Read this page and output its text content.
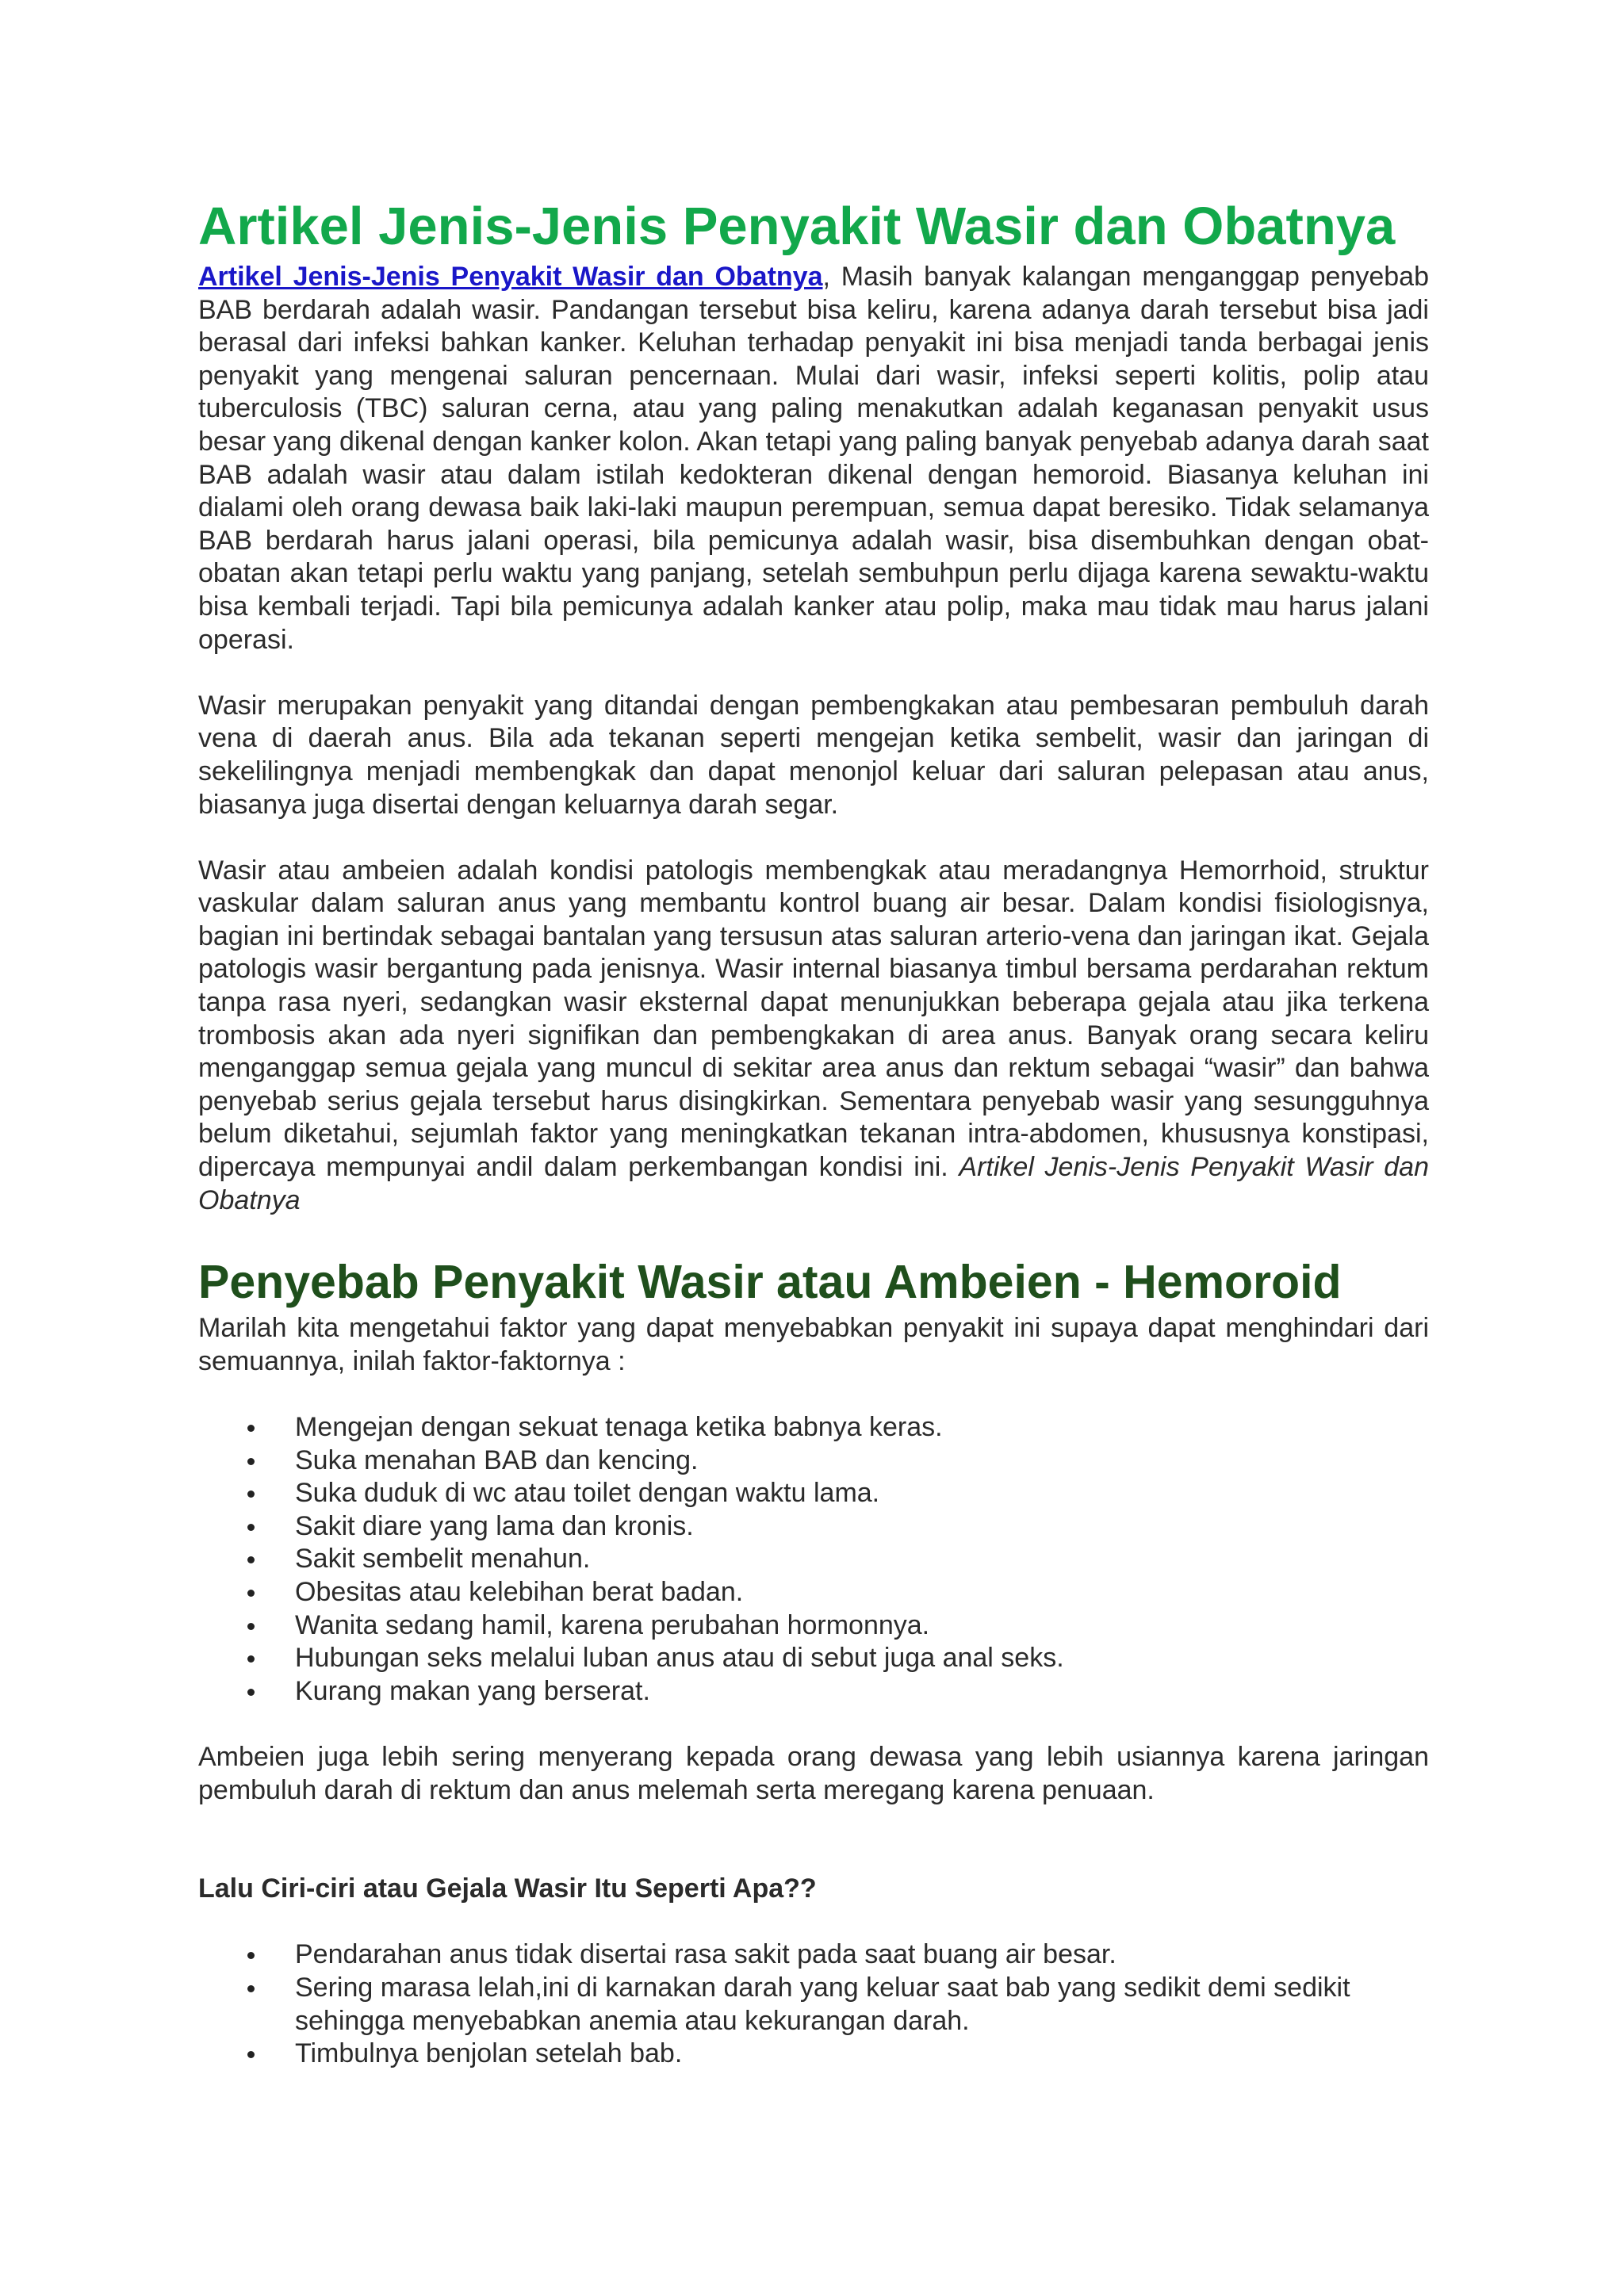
Artikel Jenis-Jenis Penyakit Wasir dan Obatnya

Artikel Jenis-Jenis Penyakit Wasir dan Obatnya, Masih banyak kalangan menganggap penyebab BAB berdarah adalah wasir. Pandangan tersebut bisa keliru, karena adanya darah tersebut bisa jadi berasal dari infeksi bahkan kanker. Keluhan terhadap penyakit ini bisa menjadi tanda berbagai jenis penyakit yang mengenai saluran pencernaan. Mulai dari wasir, infeksi seperti kolitis, polip atau tuberculosis (TBC) saluran cerna, atau yang paling menakutkan adalah keganasan penyakit usus besar yang dikenal dengan kanker kolon. Akan tetapi yang paling banyak penyebab adanya darah saat BAB adalah wasir atau dalam istilah kedokteran dikenal dengan hemoroid. Biasanya keluhan ini dialami oleh orang dewasa baik laki-laki maupun perempuan, semua dapat beresiko. Tidak selamanya BAB berdarah harus jalani operasi, bila pemicunya adalah wasir, bisa disembuhkan dengan obat-obatan akan tetapi perlu waktu yang panjang, setelah sembuhpun perlu dijaga karena sewaktu-waktu bisa kembali terjadi. Tapi bila pemicunya adalah kanker atau polip, maka mau tidak mau harus jalani operasi.

Wasir merupakan penyakit yang ditandai dengan pembengkakan atau pembesaran pembuluh darah vena di daerah anus. Bila ada tekanan seperti mengejan ketika sembelit, wasir dan jaringan di sekelilingnya menjadi membengkak dan dapat menonjol keluar dari saluran pelepasan atau anus, biasanya juga disertai dengan keluarnya darah segar.

Wasir atau ambeien adalah kondisi patologis membengkak atau meradangnya Hemorrhoid, struktur vaskular dalam saluran anus yang membantu kontrol buang air besar. Dalam kondisi fisiologisnya, bagian ini bertindak sebagai bantalan yang tersusun atas saluran arterio-vena dan jaringan ikat. Gejala patologis wasir bergantung pada jenisnya. Wasir internal biasanya timbul bersama perdarahan rektum tanpa rasa nyeri, sedangkan wasir eksternal dapat menunjukkan beberapa gejala atau jika terkena trombosis akan ada nyeri signifikan dan pembengkakan di area anus. Banyak orang secara keliru menganggap semua gejala yang muncul di sekitar area anus dan rektum sebagai “wasir” dan bahwa penyebab serius gejala tersebut harus disingkirkan. Sementara penyebab wasir yang sesungguhnya belum diketahui, sejumlah faktor yang meningkatkan tekanan intra-abdomen, khususnya konstipasi, dipercaya mempunyai andil dalam perkembangan kondisi ini. Artikel Jenis-Jenis Penyakit Wasir dan Obatnya

Penyebab Penyakit Wasir atau Ambeien - Hemoroid

Marilah kita mengetahui faktor yang dapat menyebabkan penyakit ini supaya dapat menghindari dari semuannya, inilah faktor-faktornya :

Mengejan dengan sekuat tenaga ketika babnya keras.
Suka menahan BAB dan kencing.
Suka duduk di wc atau toilet dengan waktu lama.
Sakit diare yang lama dan kronis.
Sakit sembelit menahun.
Obesitas atau kelebihan berat badan.
Wanita sedang hamil, karena perubahan hormonnya.
Hubungan seks melalui luban anus atau di sebut juga anal seks.
Kurang makan yang berserat.

Ambeien juga lebih sering menyerang kepada orang dewasa yang lebih usiannya karena jaringan pembuluh darah di rektum dan anus melemah serta meregang karena penuaan.

Lalu Ciri-ciri atau Gejala Wasir Itu Seperti Apa??
Pendarahan anus tidak disertai rasa sakit pada saat buang air besar.
Sering marasa lelah,ini di karnakan darah yang keluar saat bab yang sedikit demi sedikit sehingga menyebabkan anemia atau kekurangan darah.
Timbulnya benjolan setelah bab.
